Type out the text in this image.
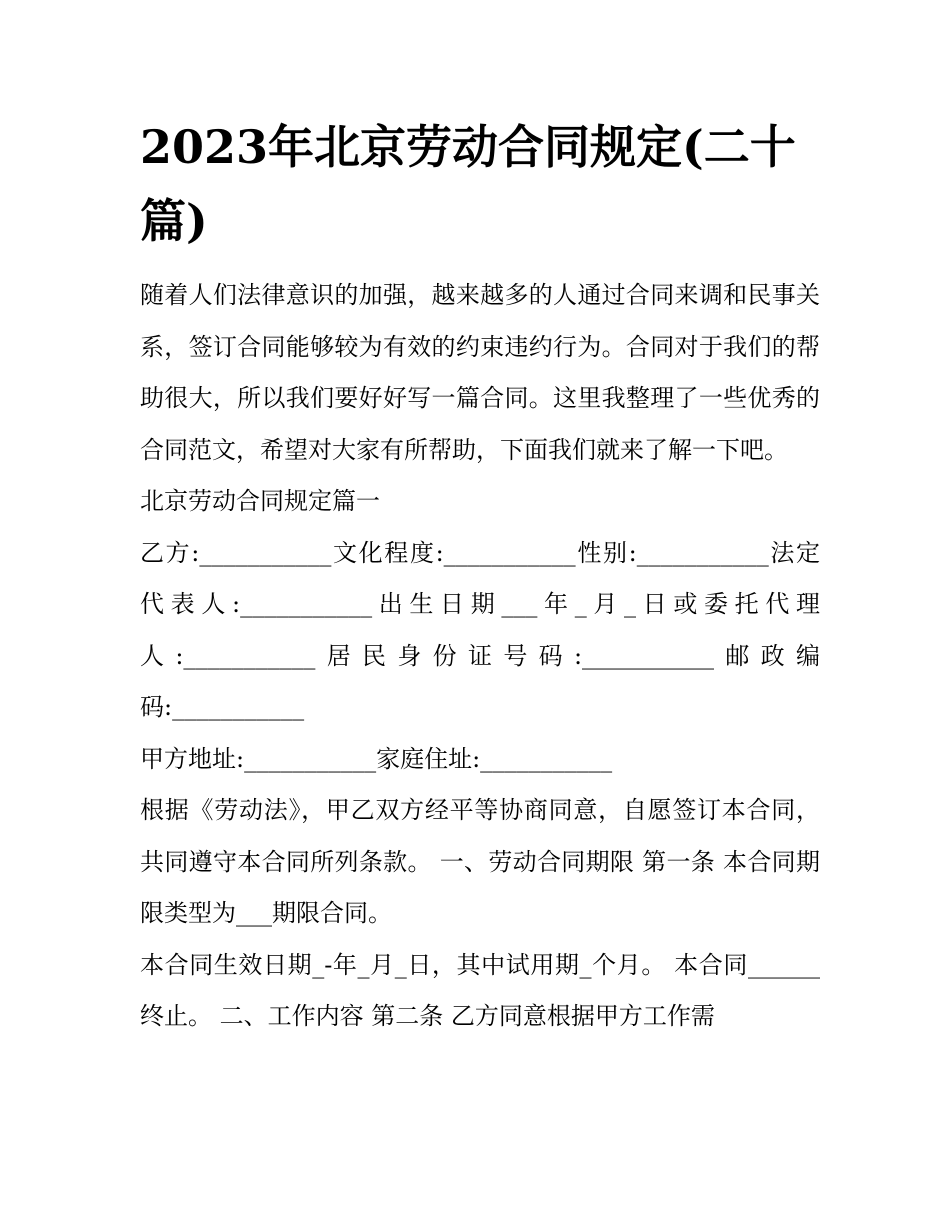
2023年北京劳动合同规定(二十篇)

随着人们法律意识的加强，越来越多的人通过合同来调和民事关系，签订合同能够较为有效的约束违约行为。合同对于我们的帮助很大，所以我们要好好写一篇合同。这里我整理了一些优秀的合同范文，希望对大家有所帮助，下面我们就来了解一下吧。

北京劳动合同规定篇一

乙方:___________文化程度:___________性别:___________法定代表人:___________出生日期___年_月_日或委托代理人:___________居民身份证号码:___________邮政编码:___________

甲方地址:___________家庭住址:___________

根据《劳动法》，甲乙双方经平等协商同意，自愿签订本合同，共同遵守本合同所列条款。 一、劳动合同期限 第一条 本合同期限类型为___期限合同。

本合同生效日期_-年_月_日，其中试用期_个月。 本合同______终止。 二、工作内容 第二条 乙方同意根据甲方工作需
